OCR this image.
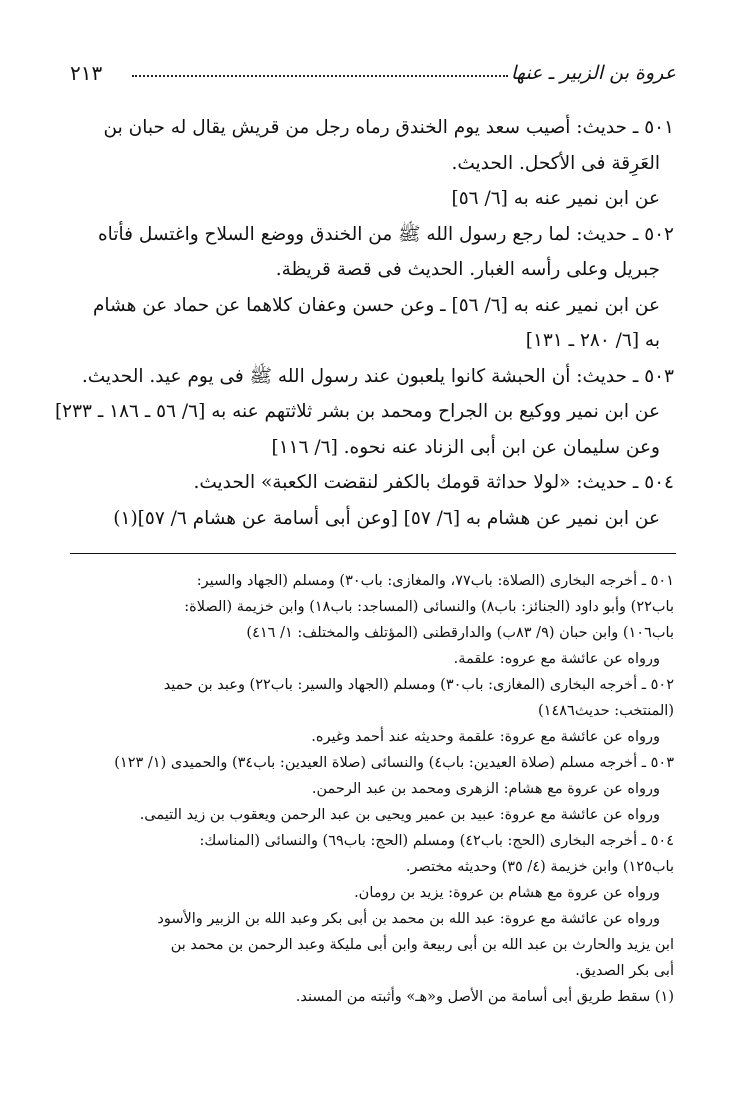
عروة بن الزبير ـ عنها
٢١٣
٥٠١ ـ حديث: أصيب سعد يوم الخندق رماه رجل من قريش يقال له حبان بن
العَرِقة فى الأكحل. الحديث.
عن ابن نمير عنه به [٦/ ٥٦]
٥٠٢ ـ حديث: لما رجع رسول الله ﷺ من الخندق ووضع السلاح واغتسل فأتاه
جبريل وعلى رأسه الغبار. الحديث فى قصة قريظة.
عن ابن نمير عنه به [٦/ ٥٦] ـ وعن حسن وعفان كلاهما عن حماد عن هشام
به [٦/ ٢٨٠ ـ ١٣١]
٥٠٣ ـ حديث: أن الحبشة كانوا يلعبون عند رسول الله ﷺ فى يوم عيد. الحديث.
عن ابن نمير ووكيع بن الجراح ومحمد بن بشر ثلاثتهم عنه به [٦/ ٥٦ ـ ١٨٦ ـ ٢٣٣]
وعن سليمان عن ابن أبى الزناد عنه نحوه. [٦/ ١١٦]
٥٠٤ ـ حديث: «لولا حداثة قومك بالكفر لنقضت الكعبة» الحديث.
عن ابن نمير عن هشام به [٦/ ٥٧] [وعن أبى أسامة عن هشام ٦/ ٥٧](١)
٥٠١ ـ أخرجه البخارى (الصلاة: باب٧٧، والمغازى: باب٣٠) ومسلم (الجهاد والسير:
باب٢٢) وأبو داود (الجنائز: باب٨) والنسائى (المساجد: باب١٨) وابن خزيمة (الصلاة:
باب١٠٦) وابن حبان (٩/ ٨٣ب) والدارقطنى (المؤتلف والمختلف: ١/ ٤١٦)
ورواه عن عائشة مع عروه: علقمة.
٥٠٢ ـ أخرجه البخارى (المغازى: باب٣٠) ومسلم (الجهاد والسير: باب٢٢) وعبد بن حميد
(المنتخب: حديث١٤٨٦)
ورواه عن عائشة مع عروة: علقمة وحديثه عند أحمد وغيره.
٥٠٣ ـ أخرجه مسلم (صلاة العيدين: باب٤) والنسائى (صلاة العيدين: باب٣٤) والحميدى (١/ ١٢٣)
ورواه عن عروة مع هشام: الزهرى ومحمد بن عبد الرحمن.
ورواه عن عائشة مع عروة: عبيد بن عمير ويحيى بن عبد الرحمن ويعقوب بن زيد التيمى.
٥٠٤ ـ أخرجه البخارى (الحج: باب٤٢) ومسلم (الحج: باب٦٩) والنسائى (المناسك:
باب١٢٥) وابن خزيمة (٤/ ٣٥) وحديثه مختصر.
ورواه عن عروة مع هشام بن عروة: يزيد بن رومان.
ورواه عن عائشة مع عروة: عبد الله بن محمد بن أبى بكر وعبد الله بن الزبير والأسود
ابن يزيد والحارث بن عبد الله بن أبى ربيعة وابن أبى مليكة وعبد الرحمن بن محمد بن
أبى بكر الصديق.
(١) سقط طريق أبى أسامة من الأصل و«هـ» وأثبته من المسند.
